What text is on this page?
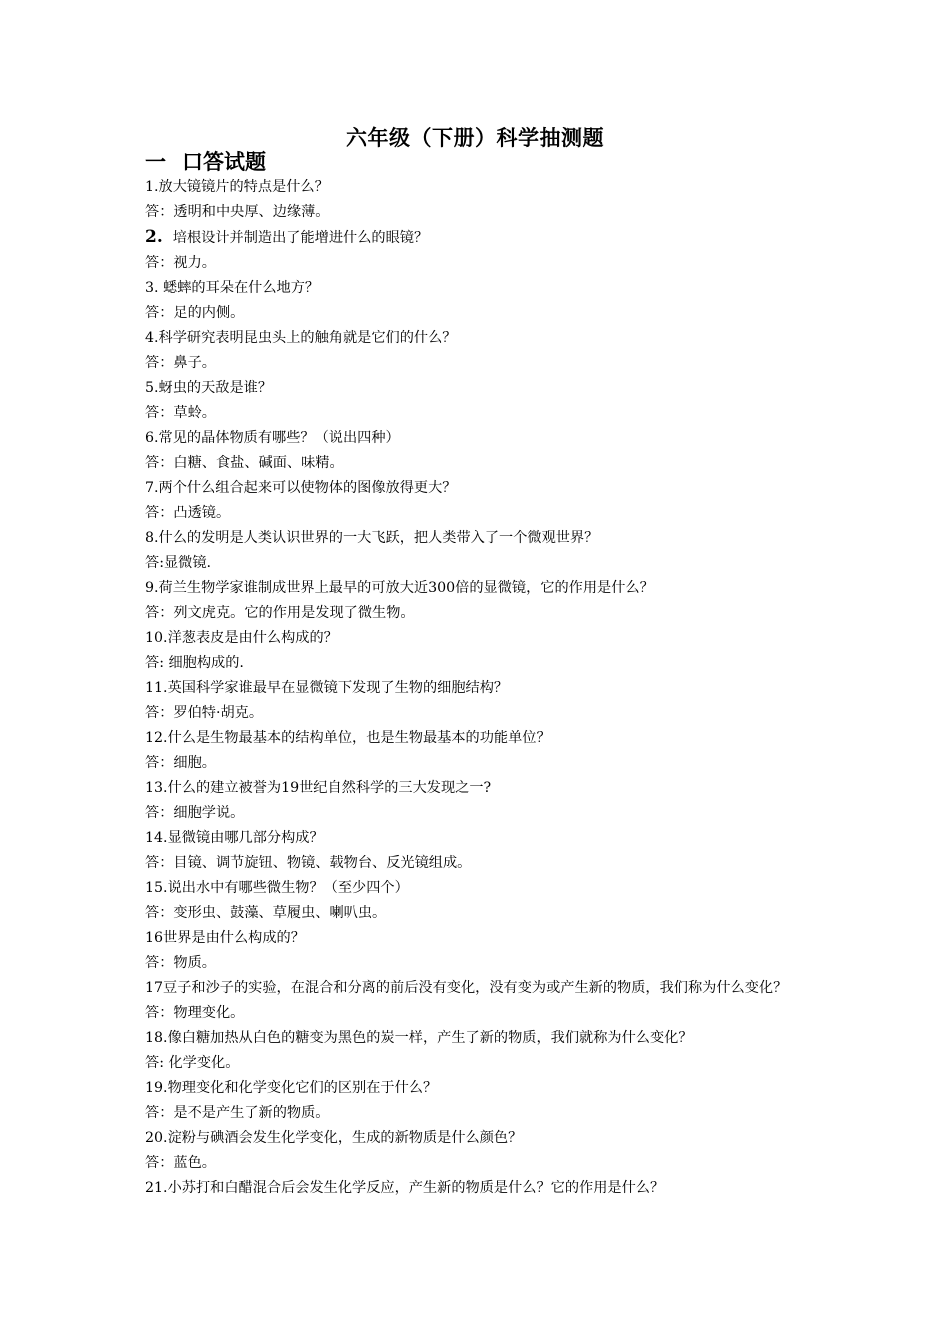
六年级（下册）科学抽测题
一 口答试题
1.放大镜镜片的特点是什么？
答：透明和中央厚、边缘薄。
2. 培根设计并制造出了能增进什么的眼镜？
答：视力。
3. 蟋蟀的耳朵在什么地方？
答：足的内侧。
4.科学研究表明昆虫头上的触角就是它们的什么？
答：鼻子。
5.蚜虫的天敌是谁？
答：草蛉。
6.常见的晶体物质有哪些？（说出四种）
答：白糖、食盐、碱面、味精。
7.两个什么组合起来可以使物体的图像放得更大？
答：凸透镜。
8.什么的发明是人类认识世界的一大飞跃，把人类带入了一个微观世界？
答:显微镜.
9.荷兰生物学家谁制成世界上最早的可放大近300倍的显微镜，它的作用是什么？
答：列文虎克。它的作用是发现了微生物。
10.洋葱表皮是由什么构成的？
答: 细胞构成的.
11.英国科学家谁最早在显微镜下发现了生物的细胞结构？
答：罗伯特·胡克。
12.什么是生物最基本的结构单位，也是生物最基本的功能单位？
答：细胞。
13.什么的建立被誉为19世纪自然科学的三大发现之一?
答：细胞学说。
14.显微镜由哪几部分构成？
答：目镜、调节旋钮、物镜、载物台、反光镜组成。
15.说出水中有哪些微生物？（至少四个）
答：变形虫、鼓藻、草履虫、喇叭虫。
16世界是由什么构成的？
答：物质。
17豆子和沙子的实验，在混合和分离的前后没有变化，没有变为或产生新的物质，我们称为什么变化？
答：物理变化。
18.像白糖加热从白色的糖变为黑色的炭一样，产生了新的物质，我们就称为什么变化？
答: 化学变化。
19.物理变化和化学变化它们的区别在于什么？
答：是不是产生了新的物质。
20.淀粉与碘酒会发生化学变化，生成的新物质是什么颜色？
答：蓝色。
21.小苏打和白醋混合后会发生化学反应，产生新的物质是什么？它的作用是什么？
